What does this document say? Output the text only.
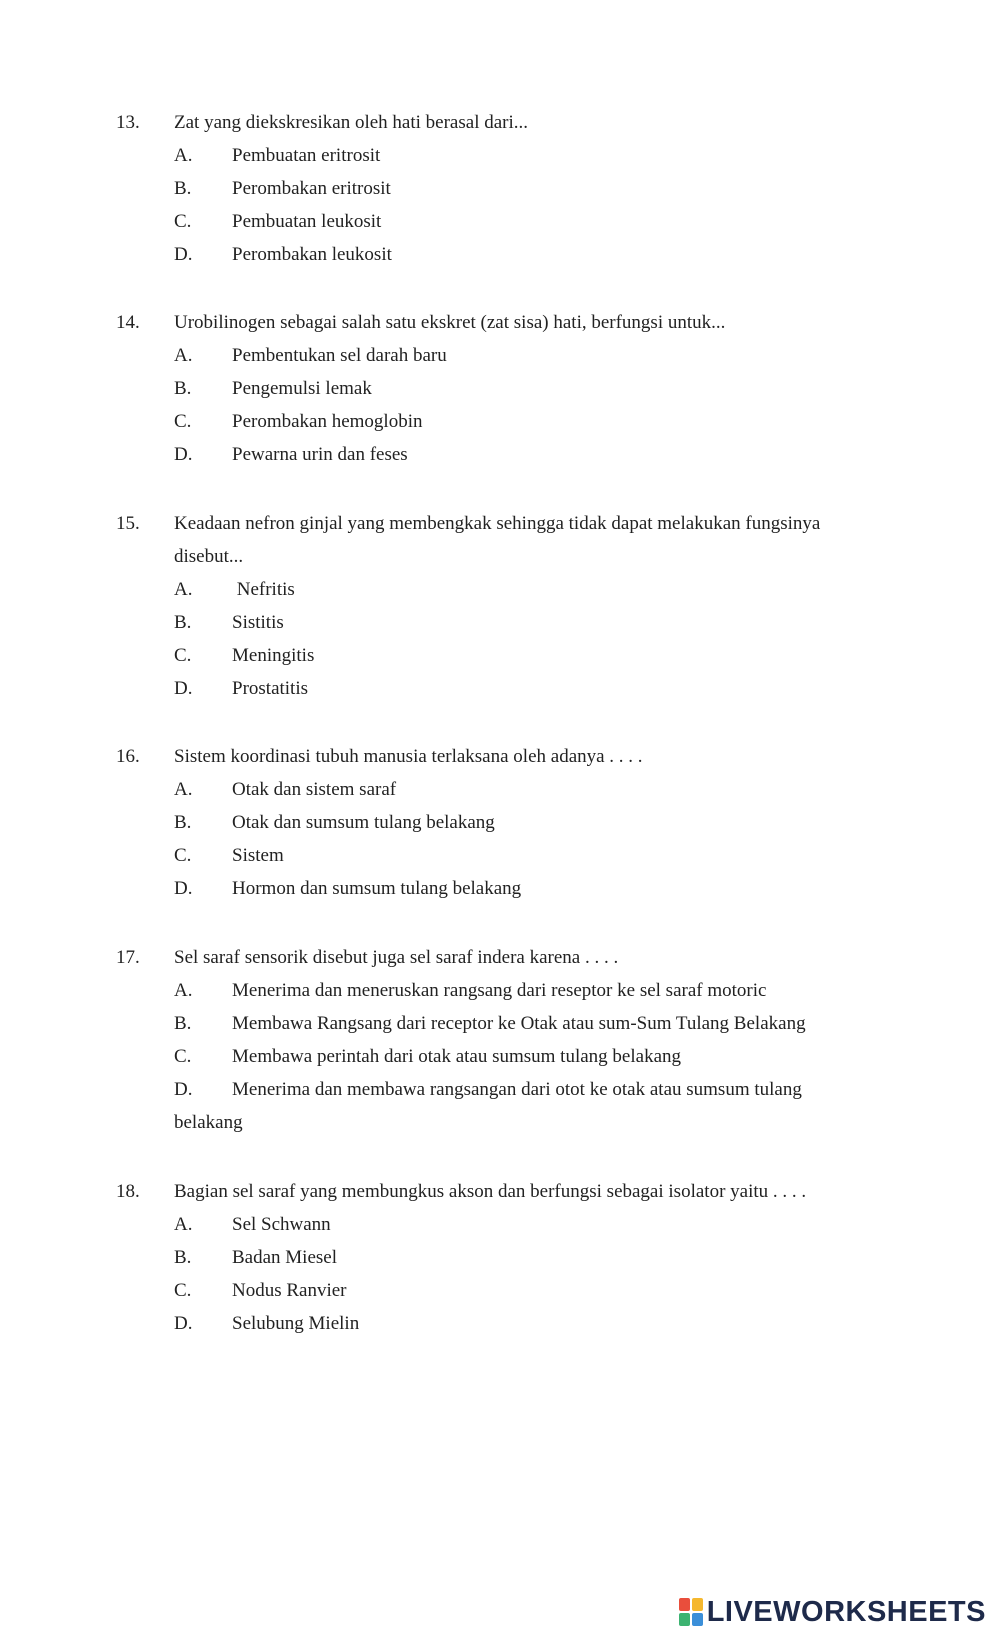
13. Zat yang diekskresikan oleh hati berasal dari...
A. Pembuatan eritrosit
B. Perombakan eritrosit
C. Pembuatan leukosit
D. Perombakan leukosit
14. Urobilinogen sebagai salah satu ekskret (zat sisa) hati, berfungsi untuk...
A. Pembentukan sel darah baru
B. Pengemulsi lemak
C. Perombakan hemoglobin
D. Pewarna urin dan feses
15. Keadaan nefron ginjal yang membengkak sehingga tidak dapat melakukan fungsinya
disebut...
A. Nefritis
B. Sistitis
C. Meningitis
D. Prostatitis
16. Sistem koordinasi tubuh manusia terlaksana oleh adanya . . . .
A. Otak dan sistem saraf
B. Otak dan sumsum tulang belakang
C. Sistem
D. Hormon dan sumsum tulang belakang
17. Sel saraf sensorik disebut juga sel saraf indera karena . . . .
A. Menerima dan meneruskan rangsang dari reseptor ke sel saraf motoric
B. Membawa Rangsang dari receptor ke Otak atau sum-Sum Tulang Belakang
C. Membawa perintah dari otak atau sumsum tulang belakang
D. Menerima dan membawa rangsangan dari otot ke otak atau sumsum tulang
belakang
18. Bagian sel saraf yang membungkus akson dan berfungsi sebagai isolator yaitu . . . .
A. Sel Schwann
B. Badan Miesel
C. Nodus Ranvier
D. Selubung Mielin
LIVEWORKSHEETS
